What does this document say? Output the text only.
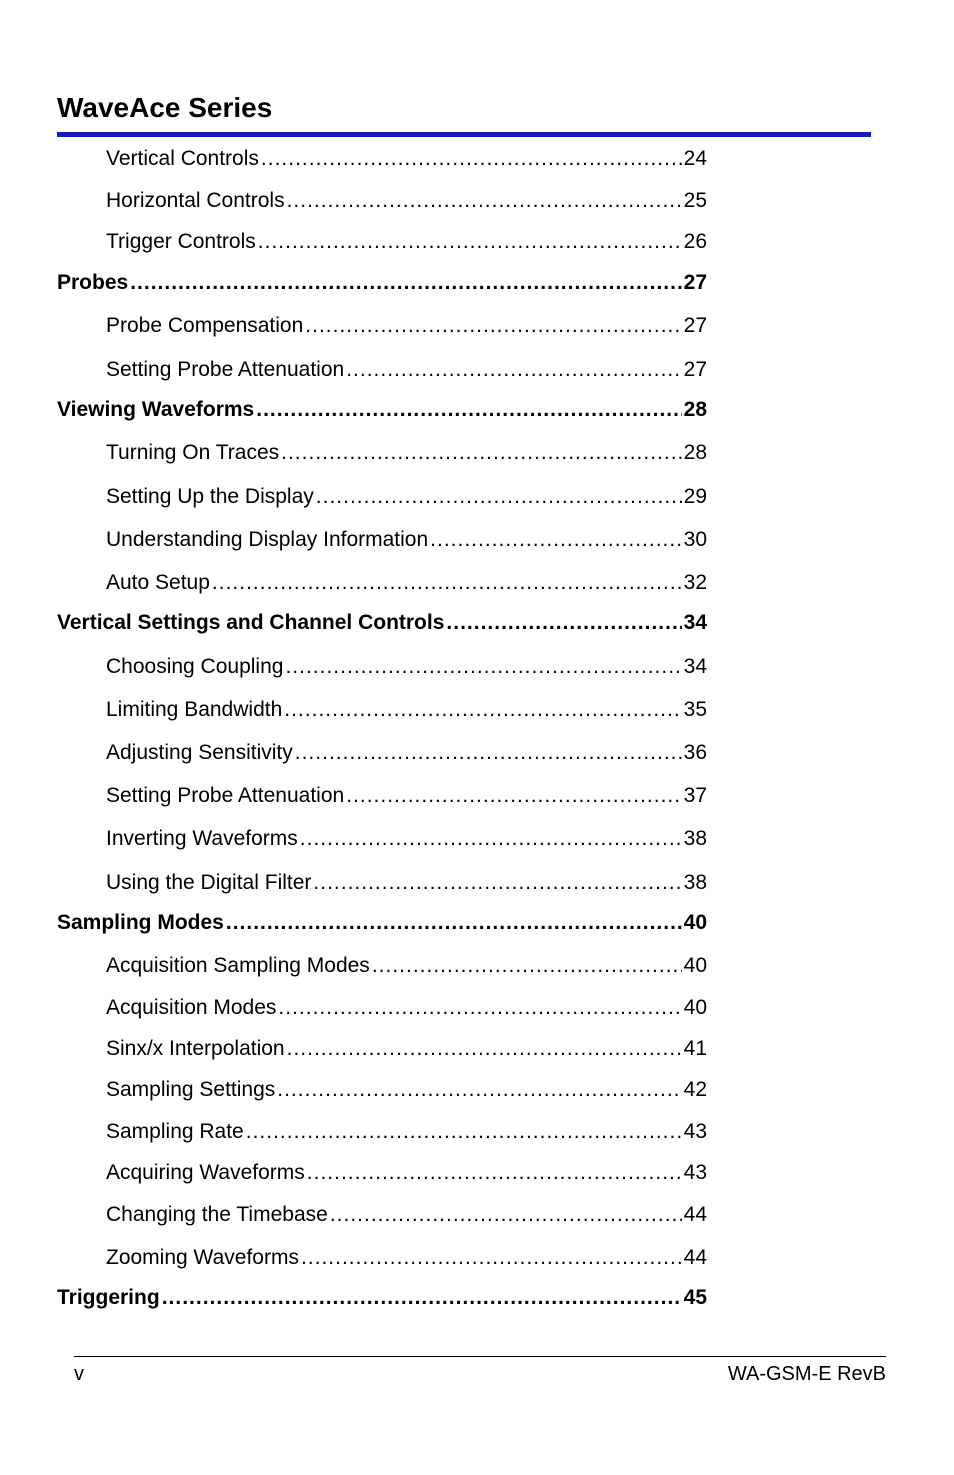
WaveAce Series
Vertical Controls .....	24
Horizontal Controls .....	25
Trigger Controls .....	26
Probes .....	27
Probe Compensation .....	27
Setting Probe Attenuation .....	27
Viewing Waveforms .....	28
Turning On Traces .....	28
Setting Up the Display .....	29
Understanding Display Information .....	30
Auto Setup .....	32
Vertical Settings and Channel Controls .....	34
Choosing Coupling .....	34
Limiting Bandwidth .....	35
Adjusting Sensitivity .....	36
Setting Probe Attenuation .....	37
Inverting Waveforms .....	38
Using the Digital Filter .....	38
Sampling Modes .....	40
Acquisition Sampling Modes .....	40
Acquisition Modes .....	40
Sinx/x Interpolation .....	41
Sampling Settings .....	42
Sampling Rate .....	43
Acquiring Waveforms .....	43
Changing the Timebase .....	44
Zooming Waveforms .....	44
Triggering .....	45
v	WA-GSM-E RevB
